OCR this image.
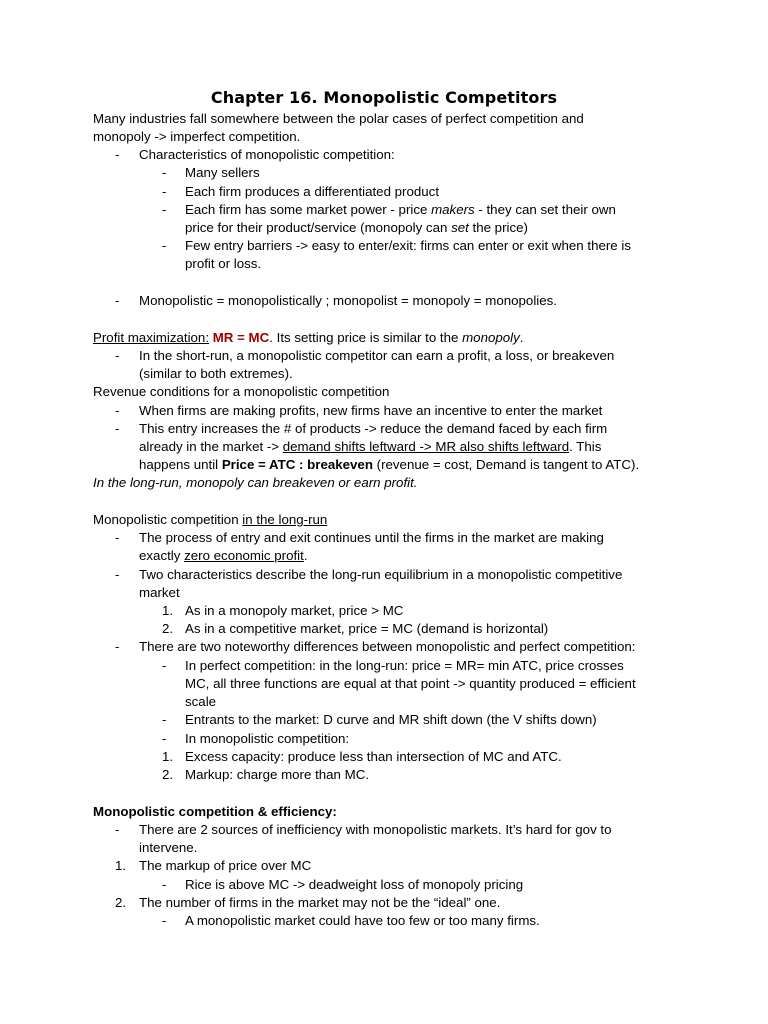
Chapter 16. Monopolistic Competitors
Many industries fall somewhere between the polar cases of perfect competition and
monopoly -> imperfect competition.
-	Characteristics of monopolistic competition:
-	Many sellers
-	Each firm produces a differentiated product
-	Each firm has some market power - price makers - they can set their own
price for their product/service (monopoly can set the price)
-	Few entry barriers -> easy to enter/exit: firms can enter or exit when there is
profit or loss.
-	Monopolistic = monopolistically ; monopolist = monopoly = monopolies.
Profit maximization: MR = MC. Its setting price is similar to the monopoly.
-	In the short-run, a monopolistic competitor can earn a profit, a loss, or breakeven
(similar to both extremes).
Revenue conditions for a monopolistic competition
-	When firms are making profits, new firms have an incentive to enter the market
-	This entry increases the # of products -> reduce the demand faced by each firm
already in the market -> demand shifts leftward -> MR also shifts leftward. This
happens until Price = ATC : breakeven (revenue = cost, Demand is tangent to ATC).
In the long-run, monopoly can breakeven or earn profit.
Monopolistic competition in the long-run
-	The process of entry and exit continues until the firms in the market are making
exactly zero economic profit.
-	Two characteristics describe the long-run equilibrium in a monopolistic competitive
market
1. As in a monopoly market, price > MC
2. As in a competitive market, price = MC (demand is horizontal)
-	There are two noteworthy differences between monopolistic and perfect competition:
-	In perfect competition: in the long-run: price = MR= min ATC, price crosses
MC, all three functions are equal at that point -> quantity produced = efficient
scale
-	Entrants to the market: D curve and MR shift down (the V shifts down)
-	In monopolistic competition:
1. Excess capacity: produce less than intersection of MC and ATC.
2. Markup: charge more than MC.
Monopolistic competition & efficiency:
-	There are 2 sources of inefficiency with monopolistic markets. It’s hard for gov to
intervene.
1. The markup of price over MC
-	Rice is above MC -> deadweight loss of monopoly pricing
2. The number of firms in the market may not be the “ideal” one.
-	A monopolistic market could have too few or too many firms.
